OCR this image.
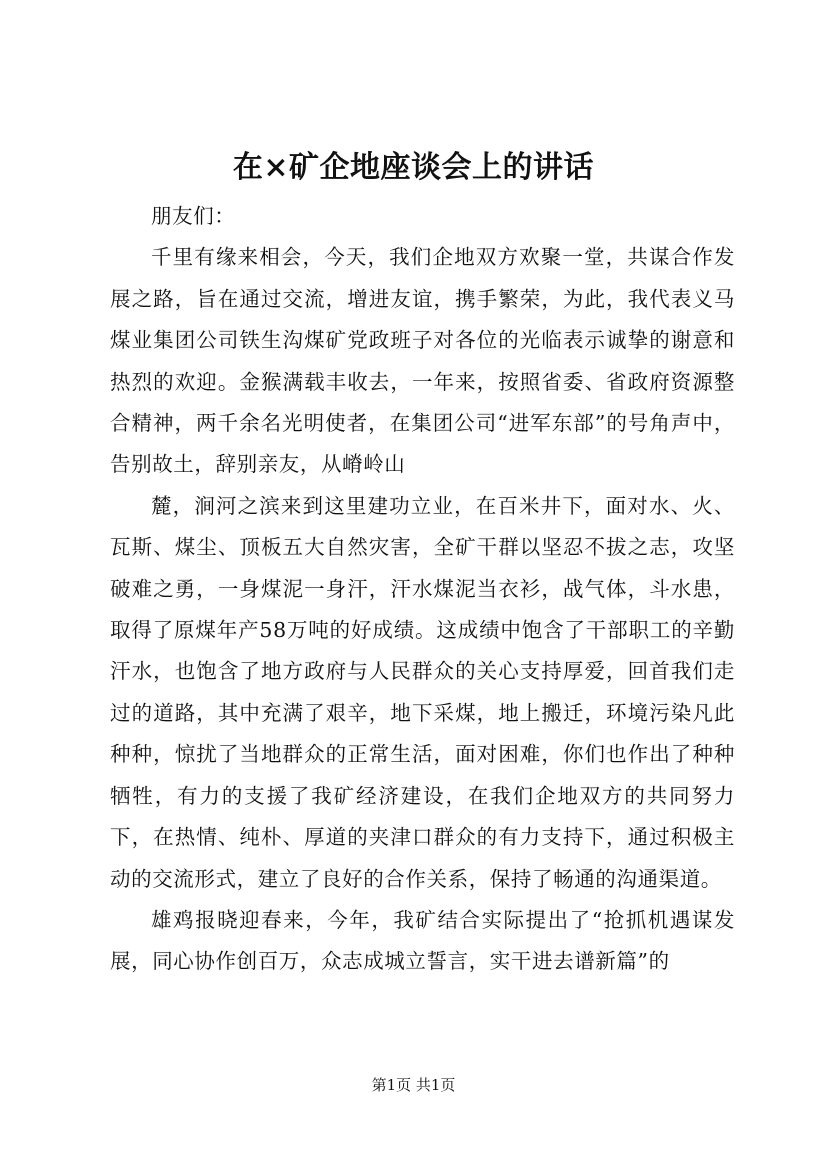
在×矿企地座谈会上的讲话

朋友们：

千里有缘来相会，今天，我们企地双方欢聚一堂，共谋合作发展之路，旨在通过交流，增进友谊，携手繁荣，为此，我代表义马煤业集团公司铁生沟煤矿党政班子对各位的光临表示诚挚的谢意和热烈的欢迎。金猴满载丰收去，一年来，按照省委、省政府资源整合精神，两千余名光明使者，在集团公司“进军东部”的号角声中，告别故土，辞别亲友，从嵴岭山

麓，涧河之滨来到这里建功立业，在百米井下，面对水、火、瓦斯、煤尘、顶板五大自然灾害，全矿干群以坚忍不拔之志，攻坚破难之勇，一身煤泥一身汗，汗水煤泥当衣衫，战气体，斗水患，取得了原煤年产58万吨的好成绩。这成绩中饱含了干部职工的辛勤汗水，也饱含了地方政府与人民群众的关心支持厚爱，回首我们走过的道路，其中充满了艰辛，地下采煤，地上搬迁，环境污染凡此种种，惊扰了当地群众的正常生活，面对困难，你们也作出了种种牺牲，有力的支援了我矿经济建设，在我们企地双方的共同努力下，在热情、纯朴、厚道的夹津口群众的有力支持下，通过积极主动的交流形式，建立了良好的合作关系，保持了畅通的沟通渠道。

雄鸡报晓迎春来，今年，我矿结合实际提出了“抢抓机遇谋发展，同心协作创百万，众志成城立誓言，实干进去谱新篇”的

第1页 共1页
